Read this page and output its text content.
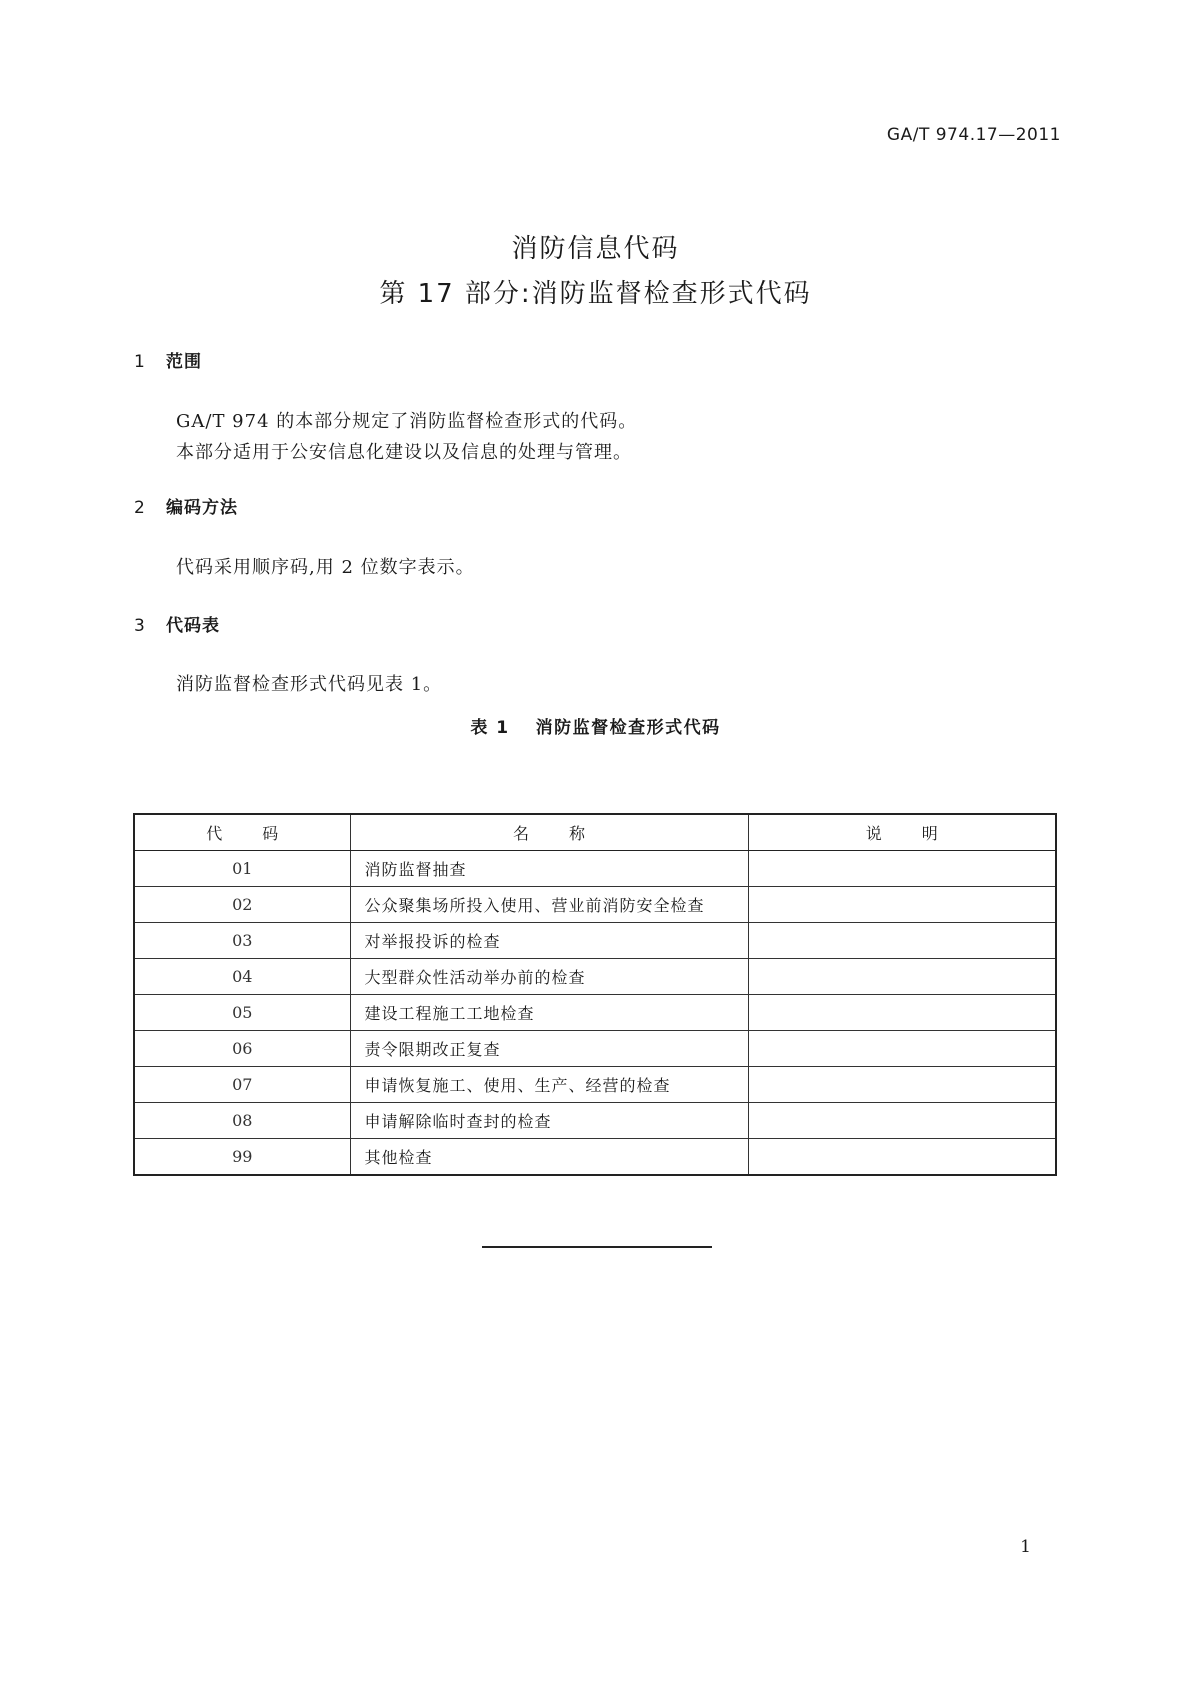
GA/T 974.17—2011
消防信息代码
第 17 部分:消防监督检查形式代码
1 范围
GA/T 974 的本部分规定了消防监督检查形式的代码。
本部分适用于公安信息化建设以及信息的处理与管理。
2 编码方法
代码采用顺序码,用 2 位数字表示。
3 代码表
消防监督检查形式代码见表 1。
表 1 消防监督检查形式代码
代码	名称	说明
01	消防监督抽查	
02	公众聚集场所投入使用、营业前消防安全检查	
03	对举报投诉的检查	
04	大型群众性活动举办前的检查	
05	建设工程施工工地检查	
06	责令限期改正复查	
07	申请恢复施工、使用、生产、经营的检查	
08	申请解除临时查封的检查	
99	其他检查	
1
